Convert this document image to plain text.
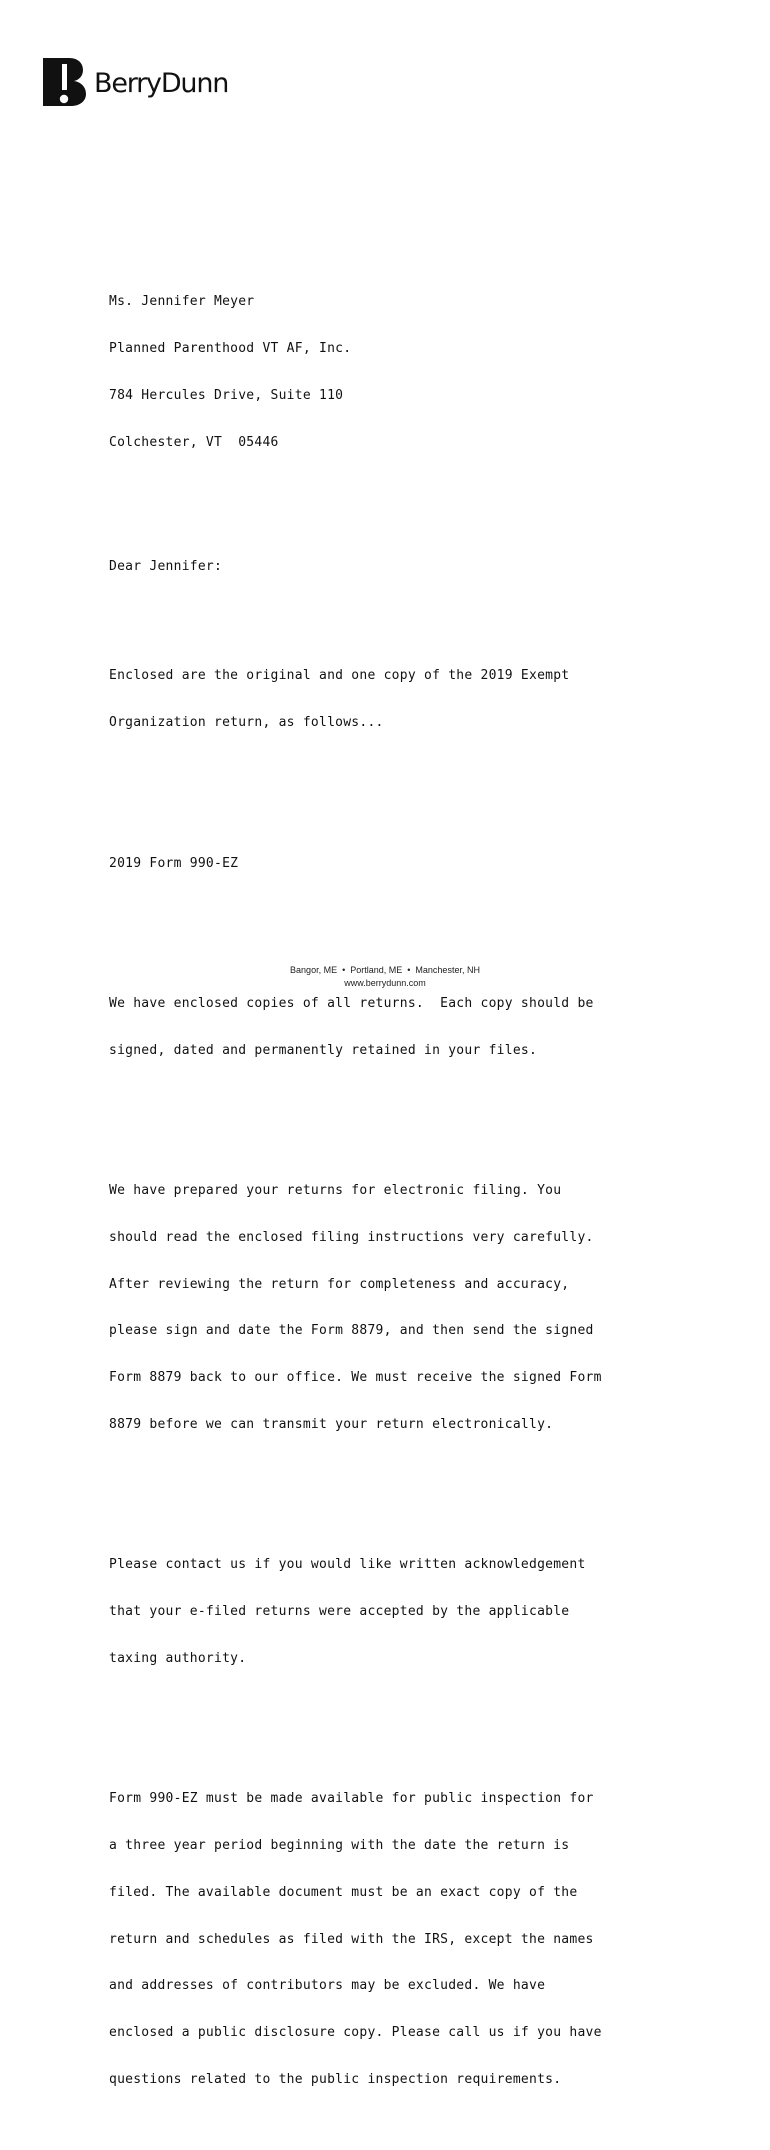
BerryDunn

Ms. Jennifer Meyer

Planned Parenthood VT AF, Inc.

784 Hercules Drive, Suite 110

Colchester, VT  05446

Dear Jennifer:

Enclosed are the original and one copy of the 2019 Exempt

Organization return, as follows...

2019 Form 990-EZ

We have enclosed copies of all returns.  Each copy should be

signed, dated and permanently retained in your files.

We have prepared your returns for electronic filing. You

should read the enclosed filing instructions very carefully.

After reviewing the return for completeness and accuracy,

please sign and date the Form 8879, and then send the signed

Form 8879 back to our office. We must receive the signed Form

8879 before we can transmit your return electronically.

Please contact us if you would like written acknowledgement

that your e-filed returns were accepted by the applicable

taxing authority.

Form 990-EZ must be made available for public inspection for

a three year period beginning with the date the return is

filed. The available document must be an exact copy of the

return and schedules as filed with the IRS, except the names

and addresses of contributors may be excluded. We have

enclosed a public disclosure copy. Please call us if you have

questions related to the public inspection requirements.

Bangor, ME • Portland, ME • Manchester, NH
www.berrydunn.com
